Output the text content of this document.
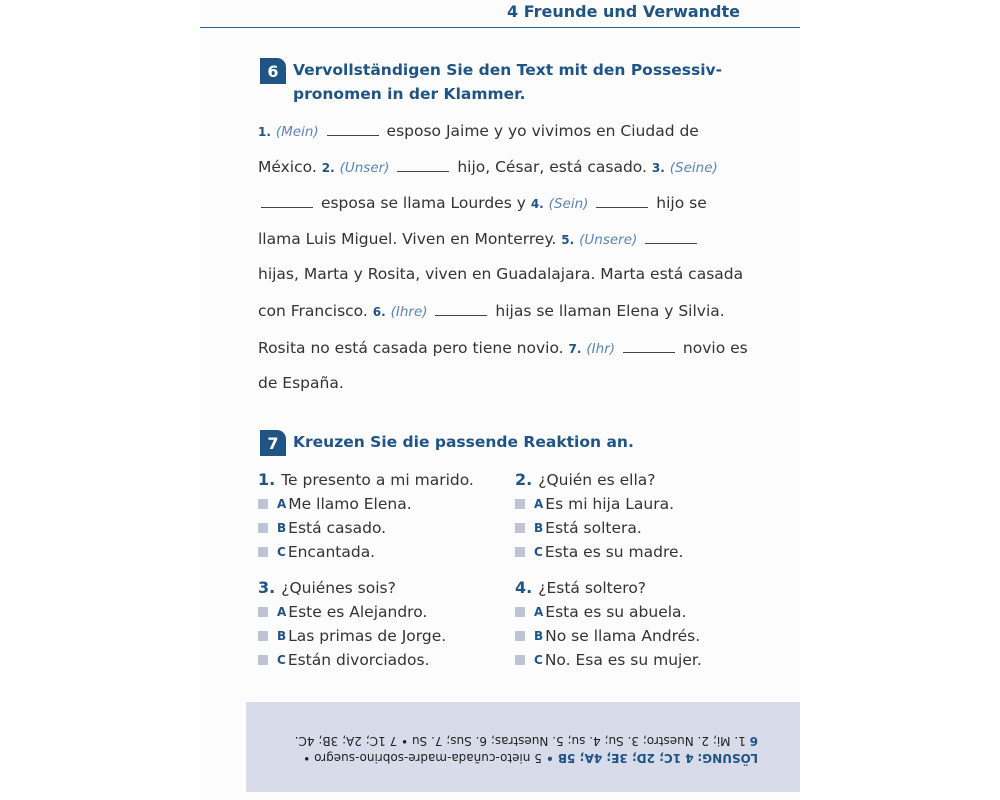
4 Freunde und Verwandte
6 Vervollständigen Sie den Text mit den Possessiv-
pronomen in der Klammer.
1. (Mein)	esposo Jaime y yo vivimos en Ciudad de
México. 2. (Unser)	hijo, César, está casado. 3. (Seine)
esposa se llama Lourdes y 4. (Sein)	hijo se
llama Luis Miguel. Viven en Monterrey. 5. (Unsere)
hijas, Marta y Rosita, viven en Guadalajara. Marta está casada
con Francisco. 6. (Ihre)	hijas se llaman Elena y Silvia.
Rosita no está casada pero tiene novio. 7. (Ihr)	novio es
de España.
7 Kreuzen Sie die passende Reaktion an.
1. Te presento a mi marido.
A Me llamo Elena.
B Está casado.
C Encantada.
2. ¿Quién es ella?
A Es mi hija Laura.
B Está soltera.
C Esta es su madre.
3. ¿Quiénes sois?
A Este es Alejandro.
B Las primas de Jorge.
C Están divorciados.
4. ¿Está soltero?
A Esta es su abuela.
B No se llama Andrés.
C No. Esa es su mujer.
LÖSUNG: 4 1C; 2D; 3E; 4A; 5B • 5 nieto-cuñada-madre-sobrino-suegro •
6 1. Mi; 2. Nuestro; 3. Su; 4. su; 5. Nuestras; 6. Sus; 7. Su • 7 1C; 2A; 3B; 4C.
